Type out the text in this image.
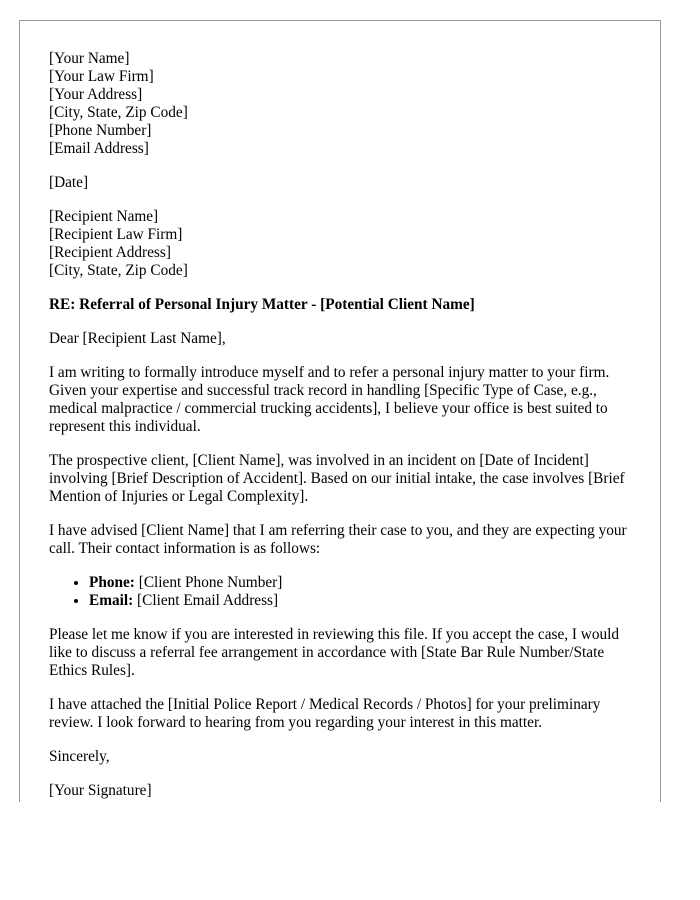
[Your Name]
[Your Law Firm]
[Your Address]
[City, State, Zip Code]
[Phone Number]
[Email Address]
[Date]
[Recipient Name]
[Recipient Law Firm]
[Recipient Address]
[City, State, Zip Code]
RE: Referral of Personal Injury Matter - [Potential Client Name]

Dear [Recipient Last Name],

I am writing to formally introduce myself and to refer a personal injury matter to your firm. Given your expertise and successful track record in handling [Specific Type of Case, e.g., medical malpractice / commercial trucking accidents], I believe your office is best suited to represent this individual.

The prospective client, [Client Name], was involved in an incident on [Date of Incident] involving [Brief Description of Accident]. Based on our initial intake, the case involves [Brief Mention of Injuries or Legal Complexity].

I have advised [Client Name] that I am referring their case to you, and they are expecting your call. Their contact information is as follows:

• Phone: [Client Phone Number]
• Email: [Client Email Address]

Please let me know if you are interested in reviewing this file. If you accept the case, I would like to discuss a referral fee arrangement in accordance with [State Bar Rule Number/State Ethics Rules].

I have attached the [Initial Police Report / Medical Records / Photos] for your preliminary review. I look forward to hearing from you regarding your interest in this matter.

Sincerely,

[Your Signature]
